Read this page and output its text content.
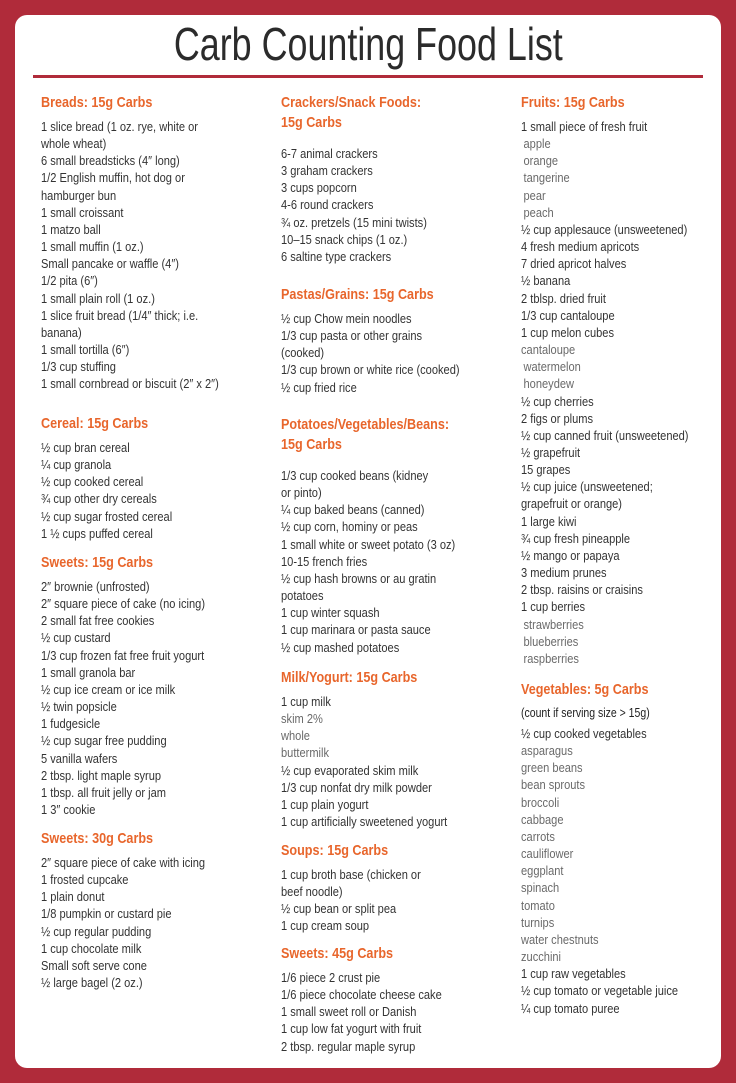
Carb Counting Food List
Breads: 15g Carbs
1 slice bread (1 oz. rye, white or
whole wheat)
6 small breadsticks (4″ long)
1/2 English muffin, hot dog or
hamburger bun
1 small croissant
1 matzo ball
1 small muffin (1 oz.)
Small pancake or waffle (4″)
1/2 pita (6″)
1 small plain roll (1 oz.)
1 slice fruit bread (1/4″ thick; i.e.
banana)
1 small tortilla (6″)
1/3 cup stuffing
1 small cornbread or biscuit (2″ x 2″)
Cereal: 15g Carbs
½ cup bran cereal
¼ cup granola
½ cup cooked cereal
¾ cup other dry cereals
½ cup sugar frosted cereal
1 ½ cups puffed cereal
Sweets: 15g Carbs
2″ brownie (unfrosted)
2″ square piece of cake (no icing)
2 small fat free cookies
½ cup custard
1/3 cup frozen fat free fruit yogurt
1 small granola bar
½ cup ice cream or ice milk
½ twin popsicle
1 fudgesicle
½ cup sugar free pudding
5 vanilla wafers
2 tbsp. light maple syrup
1 tbsp. all fruit jelly or jam
1 3″ cookie
Sweets: 30g Carbs
2″ square piece of cake with icing
1 frosted cupcake
1 plain donut
1/8 pumpkin or custard pie
½ cup regular pudding
1 cup chocolate milk
Small soft serve cone
½ large bagel (2 oz.)
Crackers/Snack Foods:
15g Carbs
6-7 animal crackers
3 graham crackers
3 cups popcorn
4-6 round crackers
¾ oz. pretzels (15 mini twists)
10–15 snack chips (1 oz.)
6 saltine type crackers
Pastas/Grains: 15g Carbs
½ cup Chow mein noodles
1/3 cup pasta or other grains
(cooked)
1/3 cup brown or white rice (cooked)
½ cup fried rice
Potatoes/Vegetables/Beans:
15g Carbs
1/3 cup cooked beans (kidney
or pinto)
¼ cup baked beans (canned)
½ cup corn, hominy or peas
1 small white or sweet potato (3 oz)
10-15 french fries
½ cup hash browns or au gratin
potatoes
1 cup winter squash
1 cup marinara or pasta sauce
½ cup mashed potatoes
Milk/Yogurt: 15g Carbs
1 cup milk
skim 2%
whole
buttermilk
½ cup evaporated skim milk
1/3 cup nonfat dry milk powder
1 cup plain yogurt
1 cup artificially sweetened yogurt
Soups: 15g Carbs
1 cup broth base (chicken or
beef noodle)
½ cup bean or split pea
1 cup cream soup
Sweets: 45g Carbs
1/6 piece 2 crust pie
1/6 piece chocolate cheese cake
1 small sweet roll or Danish
1 cup low fat yogurt with fruit
2 tbsp. regular maple syrup
Fruits: 15g Carbs
1 small piece of fresh fruit
apple
orange
tangerine
pear
peach
½ cup applesauce (unsweetened)
4 fresh medium apricots
7 dried apricot halves
½ banana
2 tblsp. dried fruit
1/3 cup cantaloupe
1 cup melon cubes
cantaloupe
watermelon
honeydew
½ cup cherries
2 figs or plums
½ cup canned fruit (unsweetened)
½ grapefruit
15 grapes
½ cup juice (unsweetened;
grapefruit or orange)
1 large kiwi
¾ cup fresh pineapple
½ mango or papaya
3 medium prunes
2 tbsp. raisins or craisins
1 cup berries
strawberries
blueberries
raspberries
Vegetables: 5g Carbs
(count if serving size > 15g)
½ cup cooked vegetables
asparagus
green beans
bean sprouts
broccoli
cabbage
carrots
cauliflower
eggplant
spinach
tomato
turnips
water chestnuts
zucchini
1 cup raw vegetables
½ cup tomato or vegetable juice
¼ cup tomato puree
